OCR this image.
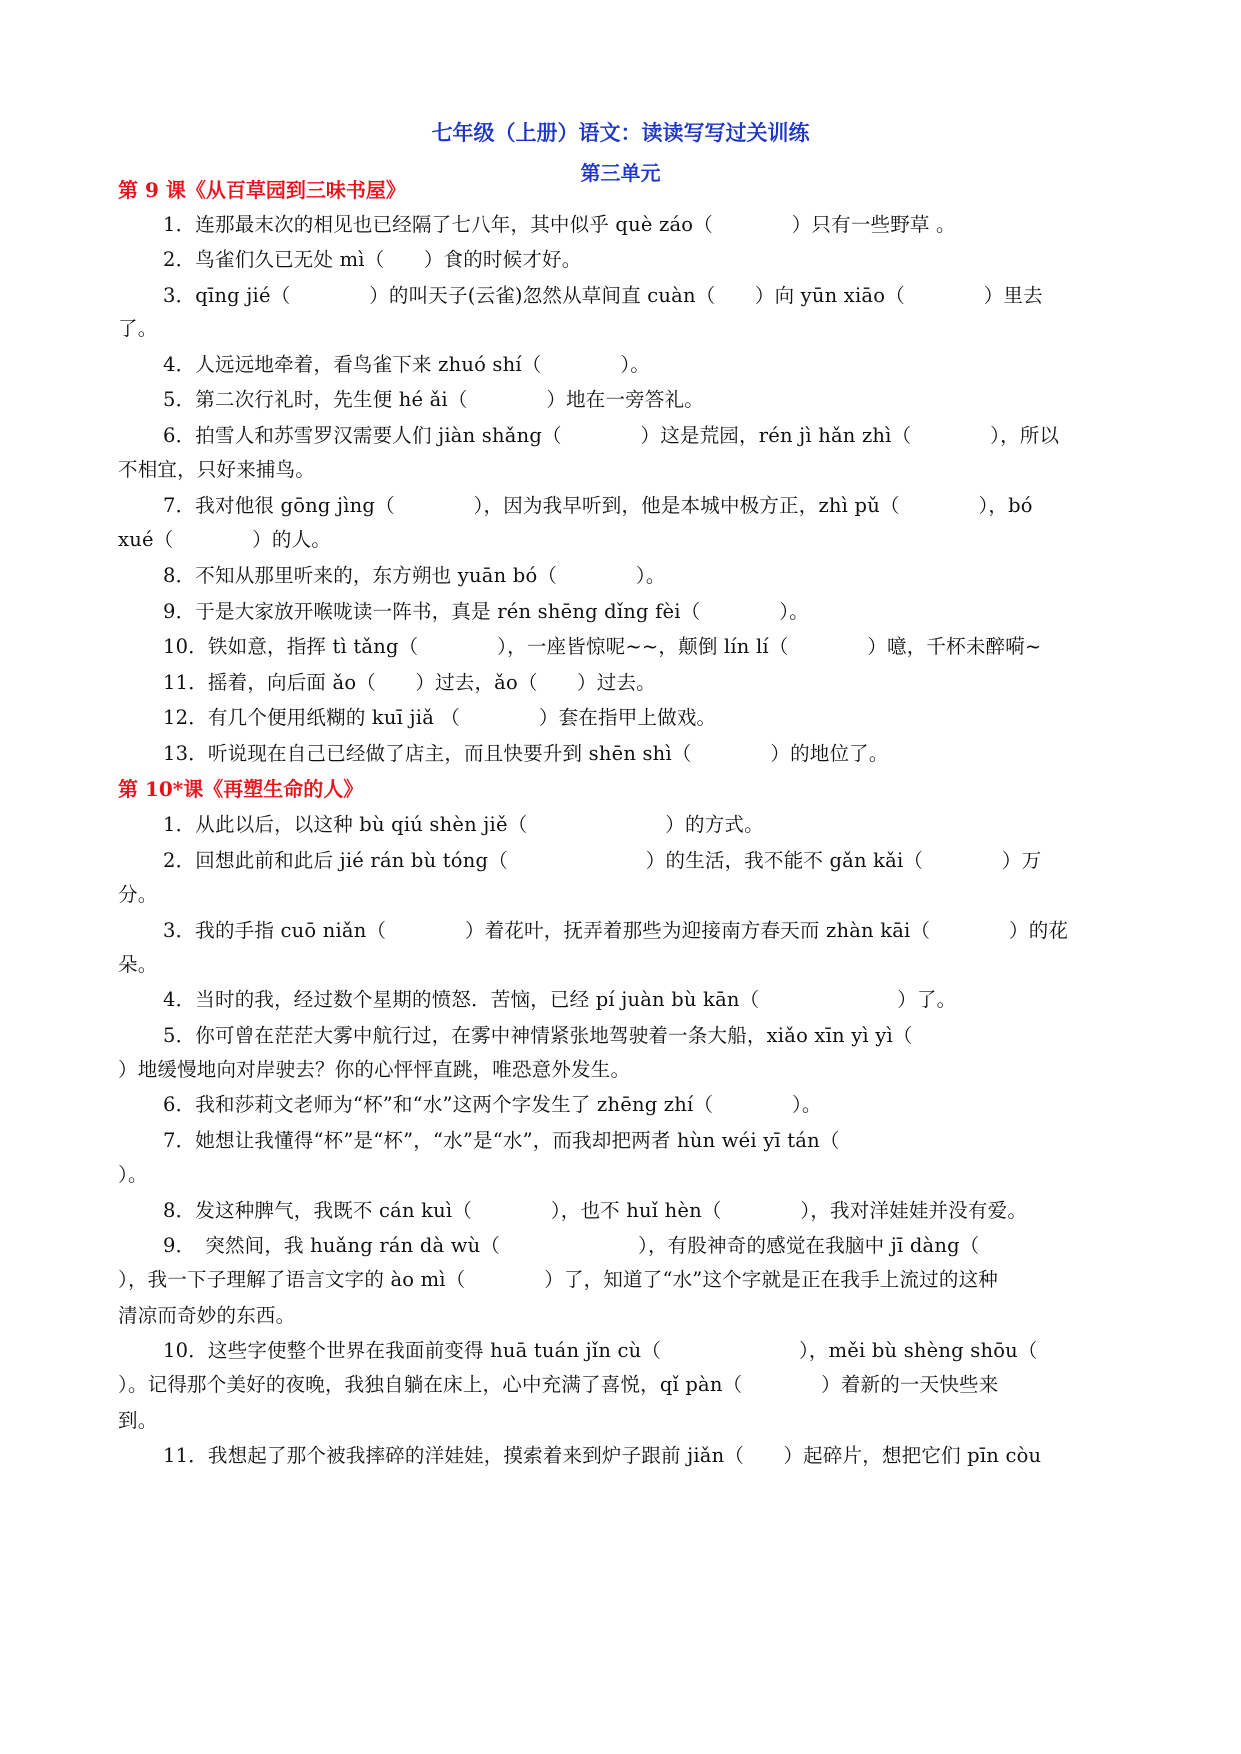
七年级（上册）语文：读读写写过关训练
第三单元
第 9 课《从百草园到三味书屋》
1．连那最末次的相见也已经隔了七八年，其中似乎 què záo（　　　　）只有一些野草 。
2．鸟雀们久已无处 mì（　　）食的时候才好。
3．qīng jié（　　　　）的叫天子(云雀)忽然从草间直 cuàn（　　）向 yūn xiāo（　　　　）里去
了。
4．人远远地牵着，看鸟雀下来 zhuó shí（　　　　）。
5．第二次行礼时，先生便 hé ǎi（　　　　）地在一旁答礼。
6．拍雪人和苏雪罗汉需要人们 jiàn shǎng（　　　　）这是荒园，rén jì hǎn zhì（　　　　），所以
不相宜，只好来捕鸟。
7．我对他很 gōng jìng（　　　　），因为我早听到，他是本城中极方正，zhì pǔ（　　　　），bó
xué（　　　　）的人。
8．不知从那里听来的，东方朔也 yuān bó（　　　　）。
9．于是大家放开喉咙读一阵书，真是 rén shēng dǐng fèi（　　　　）。
10．铁如意，指挥 tì tǎng（　　　　），一座皆惊呢~~，颠倒 lín lí（　　　　）噫，千杯未醉嗬~
11．摇着，向后面 ǎo（　　）过去，ǎo（　　）过去。
12．有几个便用纸糊的 kuī jiǎ （　　　　）套在指甲上做戏。
13．听说现在自己已经做了店主，而且快要升到 shēn shì（　　　　）的地位了。
第 10*课《再塑生命的人》
1．从此以后，以这种 bù qiú shèn jiě（　　　　　　　）的方式。
2．回想此前和此后 jié rán bù tóng（　　　　　　　）的生活，我不能不 gǎn kǎi（　　　　）万
分。
3．我的手指 cuō niǎn（　　　　）着花叶，抚弄着那些为迎接南方春天而 zhàn kāi（　　　　）的花
朵。
4．当时的我，经过数个星期的愤怒．苦恼，已经 pí juàn bù kān（　　　　　　　）了。
5．你可曾在茫茫大雾中航行过，在雾中神情紧张地驾驶着一条大船，xiǎo xīn yì yì（
）地缓慢地向对岸驶去？你的心怦怦直跳，唯恐意外发生。
6．我和莎莉文老师为“杯”和“水”这两个字发生了 zhēng zhí（　　　　）。
7．她想让我懂得“杯”是“杯”，“水”是“水”，而我却把两者 hùn wéi yī tán（
）。
8．发这种脾气，我既不 cán kuì（　　　　），也不 huǐ hèn（　　　　），我对洋娃娃并没有爱。
9．　突然间，我 huǎng rán dà wù（　　　　　　　），有股神奇的感觉在我脑中 jī dàng（
），我一下子理解了语言文字的 ào mì（　　　　）了，知道了“水”这个字就是正在我手上流过的这种
清凉而奇妙的东西。
10．这些字使整个世界在我面前变得 huā tuán jǐn cù（　　　　　　　），měi bù shèng shōu（
）。记得那个美好的夜晚，我独自躺在床上，心中充满了喜悦，qǐ pàn（　　　　）着新的一天快些来
到。
11．我想起了那个被我摔碎的洋娃娃，摸索着来到炉子跟前 jiǎn（　　）起碎片，想把它们 pīn còu
